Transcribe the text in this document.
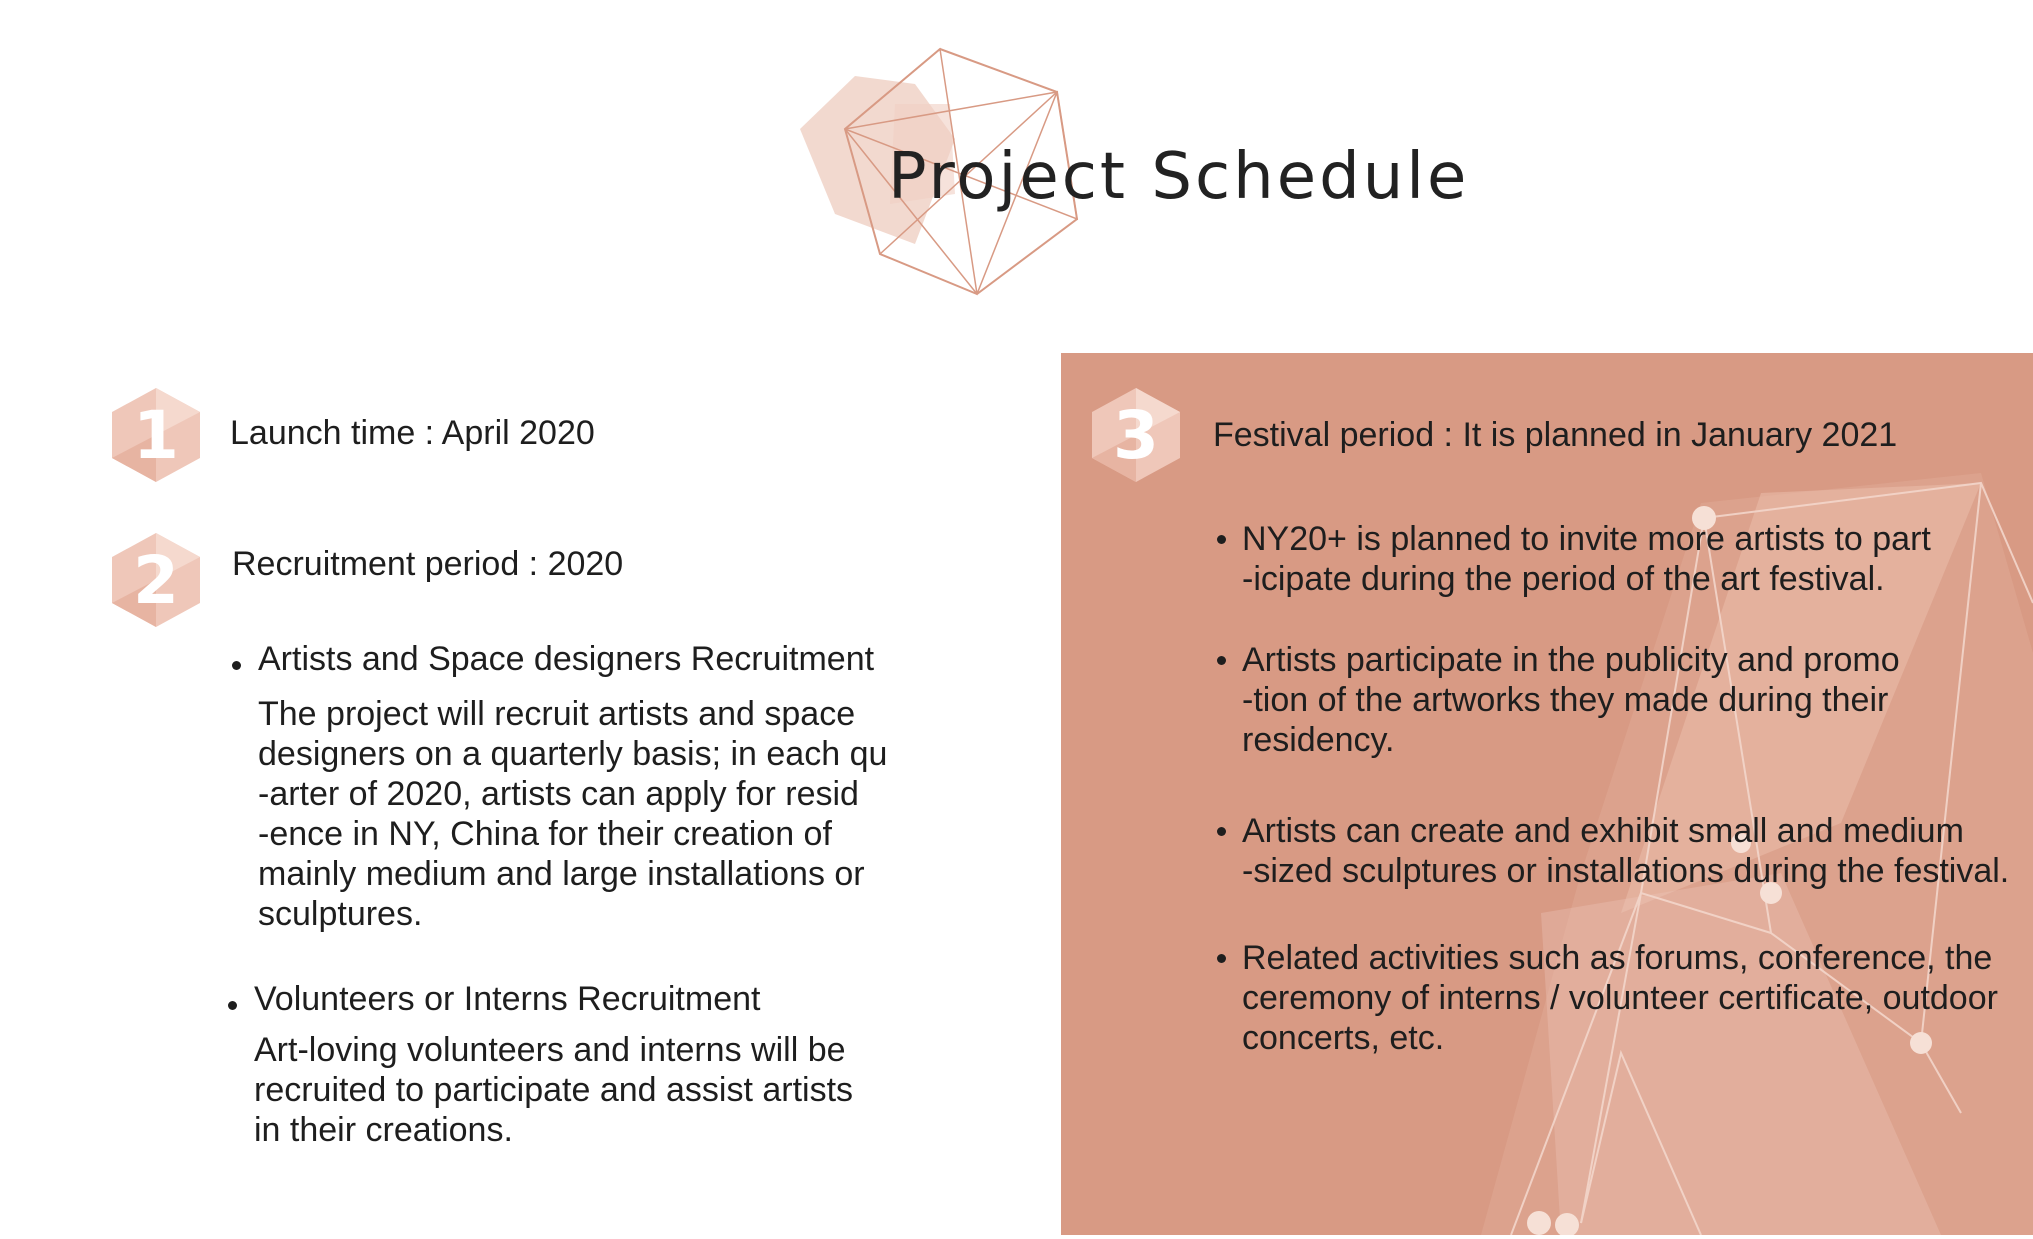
Project Schedule
1	Launch time : April 2020
2	Recruitment period : 2020
Artists and Space designers Recruitment
The project will recruit artists and space
designers on a quarterly basis; in each qu
-arter of 2020, artists can apply for resid
-ence in NY, China for their creation of
mainly medium and large installations or
sculptures.
Volunteers or Interns Recruitment
Art-loving volunteers and interns will be
recruited to participate and assist artists
in their creations.
3	Festival period : It is planned in January 2021
NY20+ is planned to invite more artists to part
-icipate during the period of the art festival.
Artists participate in the publicity and promo
-tion of the artworks they made during their
residency.
Artists can create and exhibit small and medium
-sized sculptures or installations during the festival.
Related activities such as forums, conference, the
ceremony of interns / volunteer certificate, outdoor
concerts, etc.
